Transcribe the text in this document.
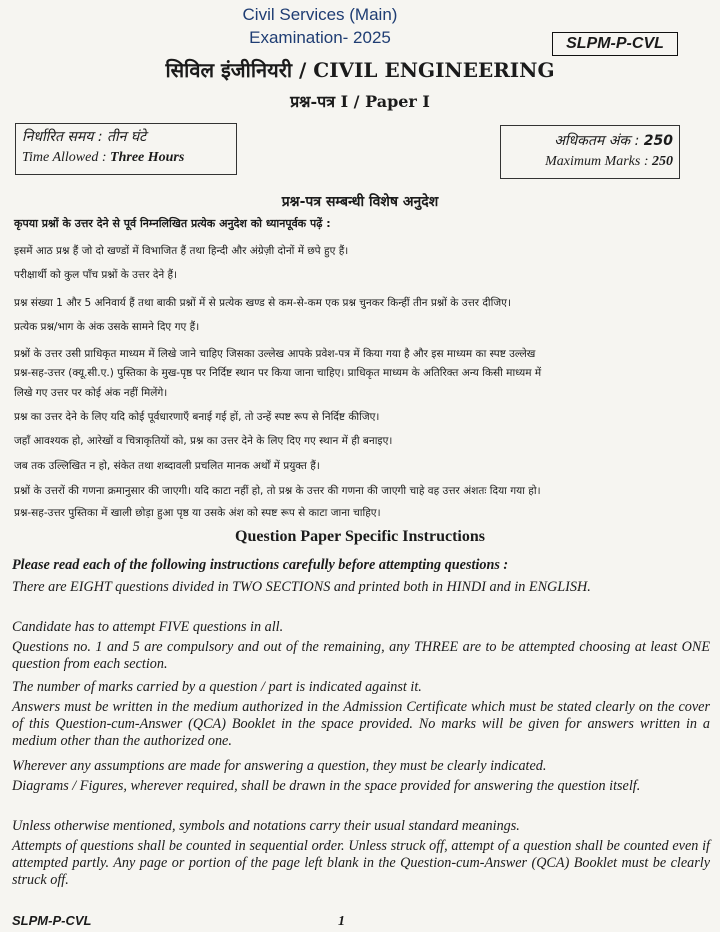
Civil Services (Main)
Examination- 2025	SLPM-P-CVL
सिविल इंजीनियरी / CIVIL ENGINEERING
प्रश्न-पत्र I / Paper I
निर्धारित समय : तीन घंटे
Time Allowed : Three Hours
अधिकतम अंक : 250
Maximum Marks : 250
प्रश्न-पत्र सम्बन्धी विशेष अनुदेश
कृपया प्रश्नों के उत्तर देने से पूर्व निम्नलिखित प्रत्येक अनुदेश को ध्यानपूर्वक पढ़ें :
इसमें आठ प्रश्न हैं जो दो खण्डों में विभाजित हैं तथा हिन्दी और अंग्रेज़ी दोनों में छपे हुए हैं।
परीक्षार्थी को कुल पाँच प्रश्नों के उत्तर देने हैं।
प्रश्न संख्या 1 और 5 अनिवार्य हैं तथा बाकी प्रश्नों में से प्रत्येक खण्ड से कम-से-कम एक प्रश्न चुनकर किन्हीं तीन प्रश्नों के उत्तर दीजिए।
प्रत्येक प्रश्न/भाग के अंक उसके सामने दिए गए हैं।
प्रश्नों के उत्तर उसी प्राधिकृत माध्यम में लिखे जाने चाहिए जिसका उल्लेख आपके प्रवेश-पत्र में किया गया है और इस माध्यम का स्पष्ट उल्लेख
प्रश्न-सह-उत्तर (क्यू.सी.ए.) पुस्तिका के मुख-पृष्ठ पर निर्दिष्ट स्थान पर किया जाना चाहिए। प्राधिकृत माध्यम के अतिरिक्त अन्य किसी माध्यम में
लिखे गए उत्तर पर कोई अंक नहीं मिलेंगे।
प्रश्न का उत्तर देने के लिए यदि कोई पूर्वधारणाएँ बनाई गई हों, तो उन्हें स्पष्ट रूप से निर्दिष्ट कीजिए।
जहाँ आवश्यक हो, आरेखों व चित्राकृतियों को, प्रश्न का उत्तर देने के लिए दिए गए स्थान में ही बनाइए।
जब तक उल्लिखित न हो, संकेत तथा शब्दावली प्रचलित मानक अर्थों में प्रयुक्त हैं।
प्रश्नों के उत्तरों की गणना क्रमानुसार की जाएगी। यदि काटा नहीं हो, तो प्रश्न के उत्तर की गणना की जाएगी चाहे वह उत्तर अंशतः दिया गया हो।
प्रश्न-सह-उत्तर पुस्तिका में खाली छोड़ा हुआ पृष्ठ या उसके अंश को स्पष्ट रूप से काटा जाना चाहिए।
Question Paper Specific Instructions
Please read each of the following instructions carefully before attempting questions :
There are EIGHT questions divided in TWO SECTIONS and printed both in HINDI and in ENGLISH.
Candidate has to attempt FIVE questions in all.
Questions no. 1 and 5 are compulsory and out of the remaining, any THREE are to be attempted choosing at least ONE question from each section.
The number of marks carried by a question / part is indicated against it.
Answers must be written in the medium authorized in the Admission Certificate which must be stated clearly on the cover of this Question-cum-Answer (QCA) Booklet in the space provided. No marks will be given for answers written in a medium other than the authorized one.
Wherever any assumptions are made for answering a question, they must be clearly indicated.
Diagrams / Figures, wherever required, shall be drawn in the space provided for answering the question itself.
Unless otherwise mentioned, symbols and notations carry their usual standard meanings.
Attempts of questions shall be counted in sequential order. Unless struck off, attempt of a question shall be counted even if attempted partly. Any page or portion of the page left blank in the Question-cum-Answer (QCA) Booklet must be clearly struck off.
SLPM-P-CVL	1
